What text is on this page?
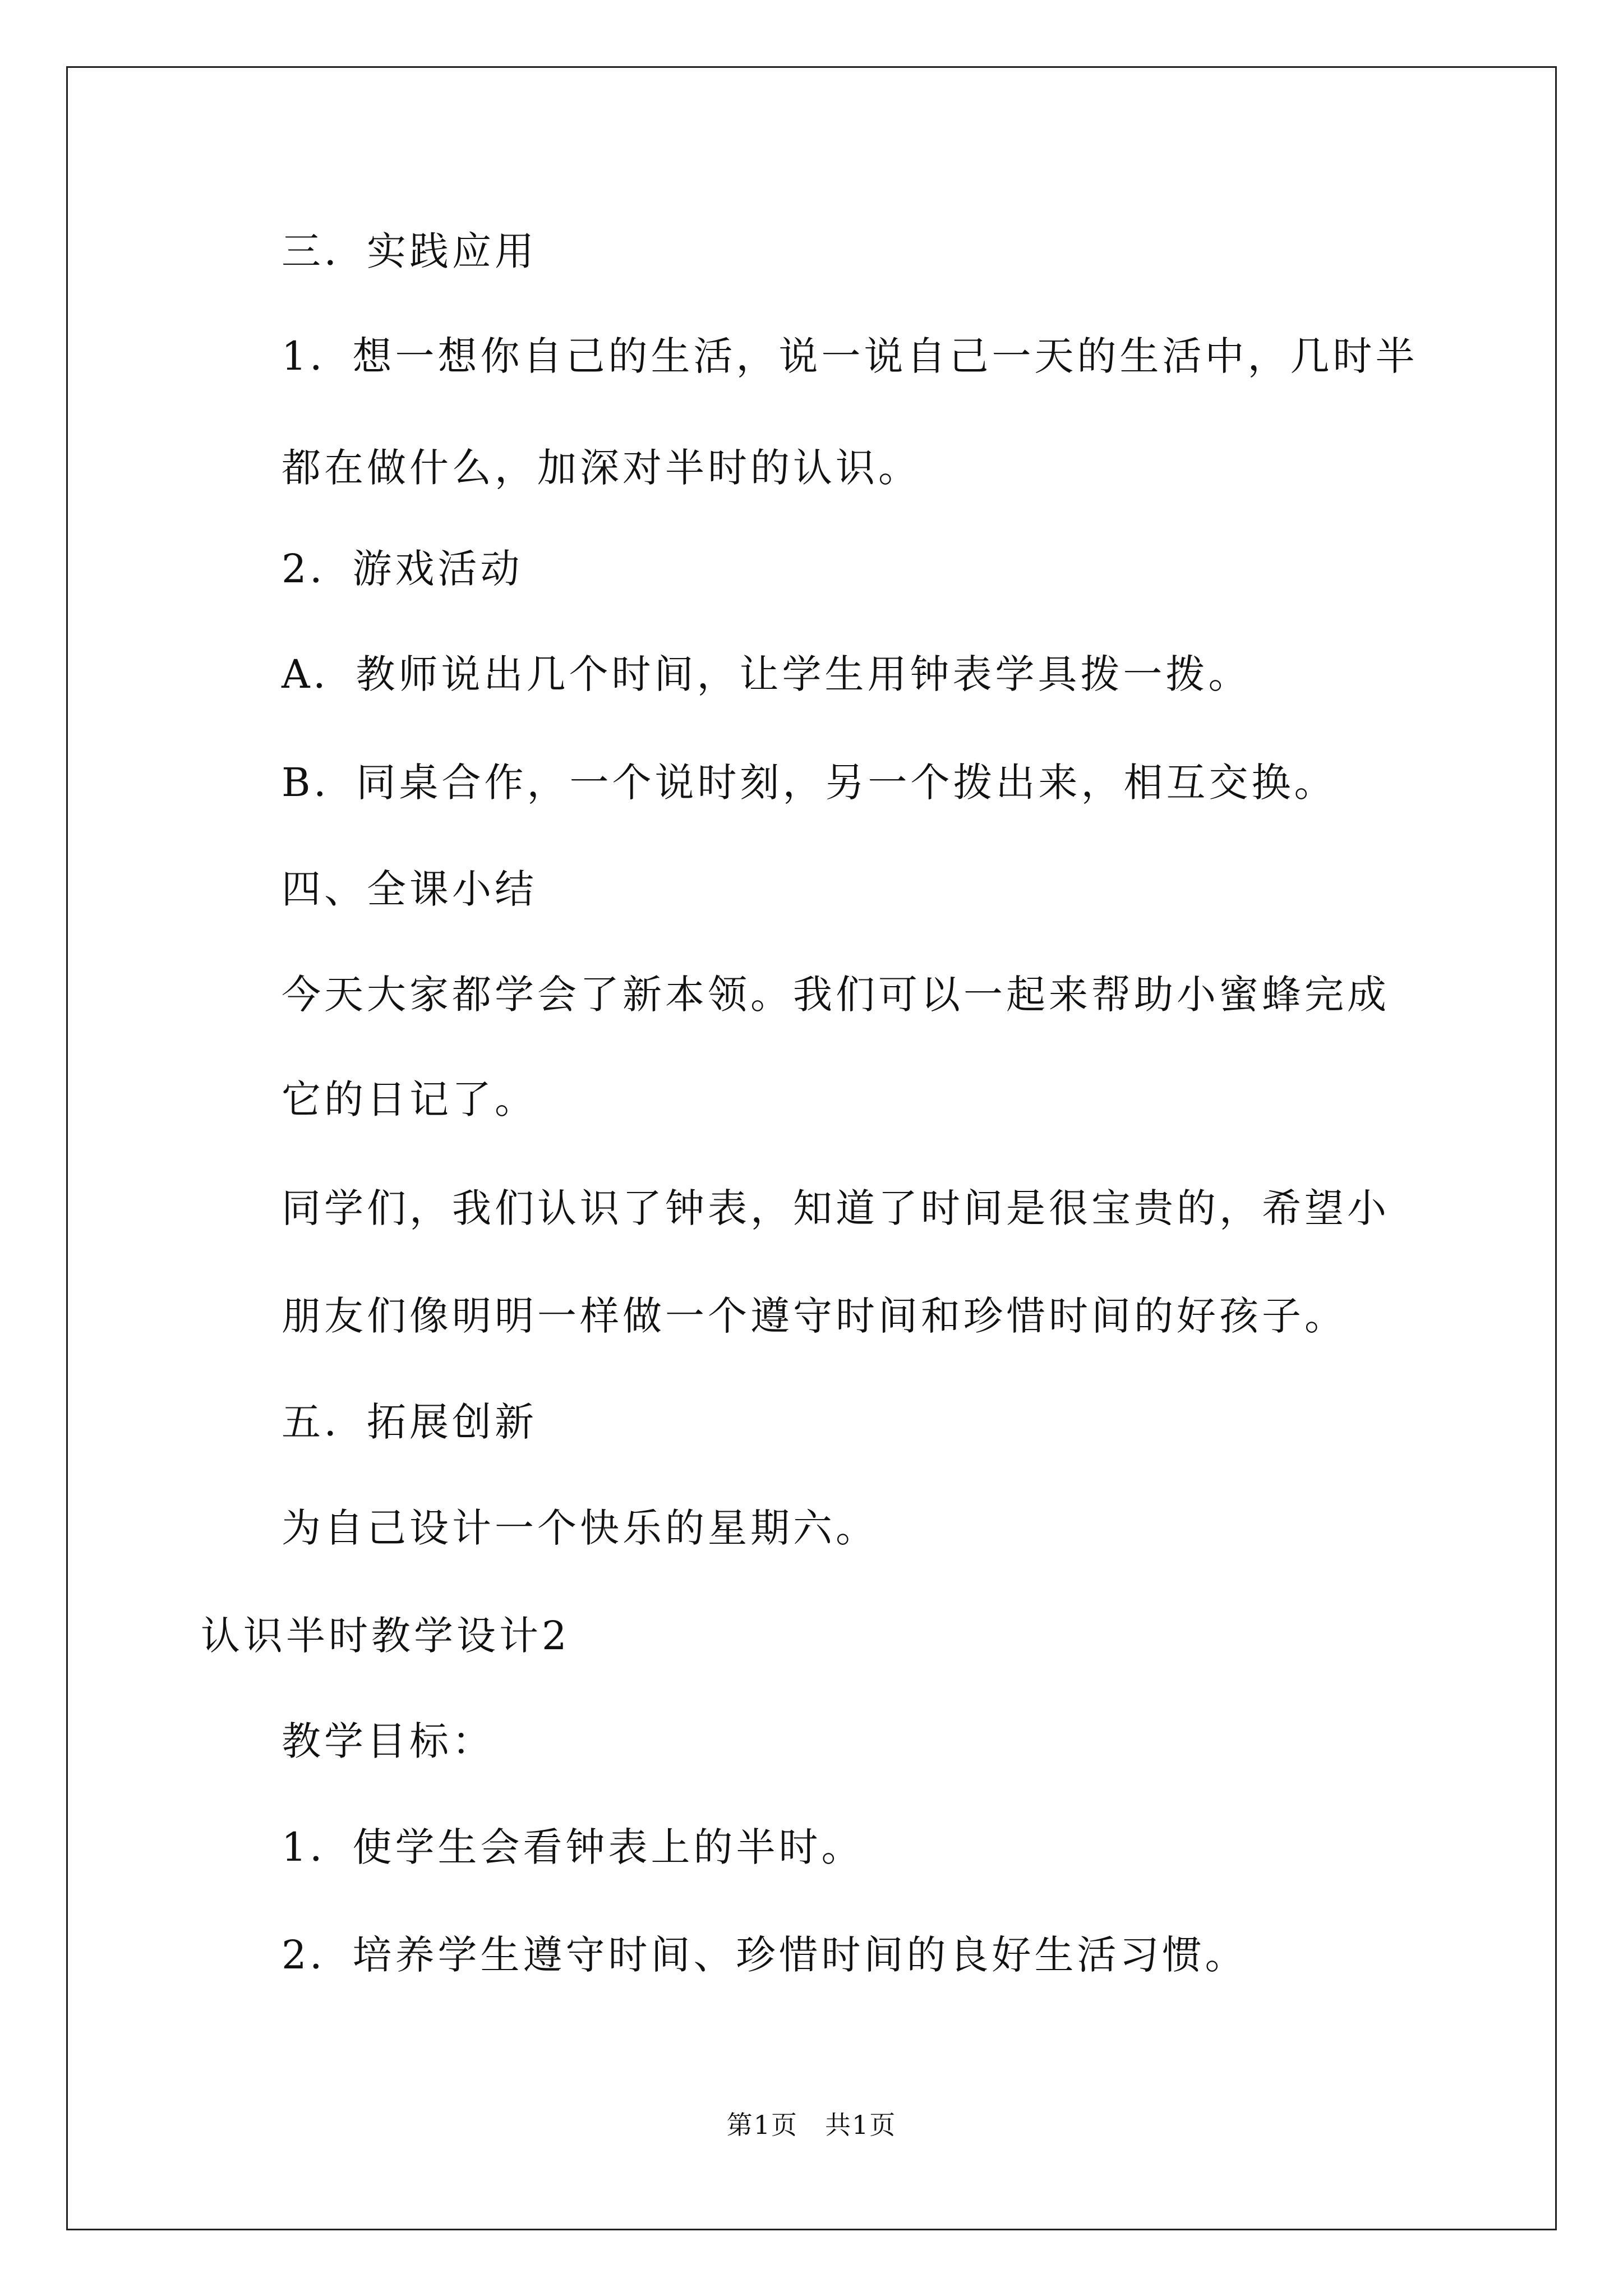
三．实践应用

1．想一想你自己的生活，说一说自己一天的生活中，几时半

都在做什么，加深对半时的认识。

2．游戏活动

A．教师说出几个时间，让学生用钟表学具拨一拨。

B．同桌合作，一个说时刻，另一个拨出来，相互交换。

四、全课小结

今天大家都学会了新本领。我们可以一起来帮助小蜜蜂完成

它的日记了。

同学们，我们认识了钟表，知道了时间是很宝贵的，希望小

朋友们像明明一样做一个遵守时间和珍惜时间的好孩子。

五．拓展创新

为自己设计一个快乐的星期六。

认识半时教学设计2

教学目标：

1．使学生会看钟表上的半时。

2．培养学生遵守时间、珍惜时间的良好生活习惯。

第1页　共1页
